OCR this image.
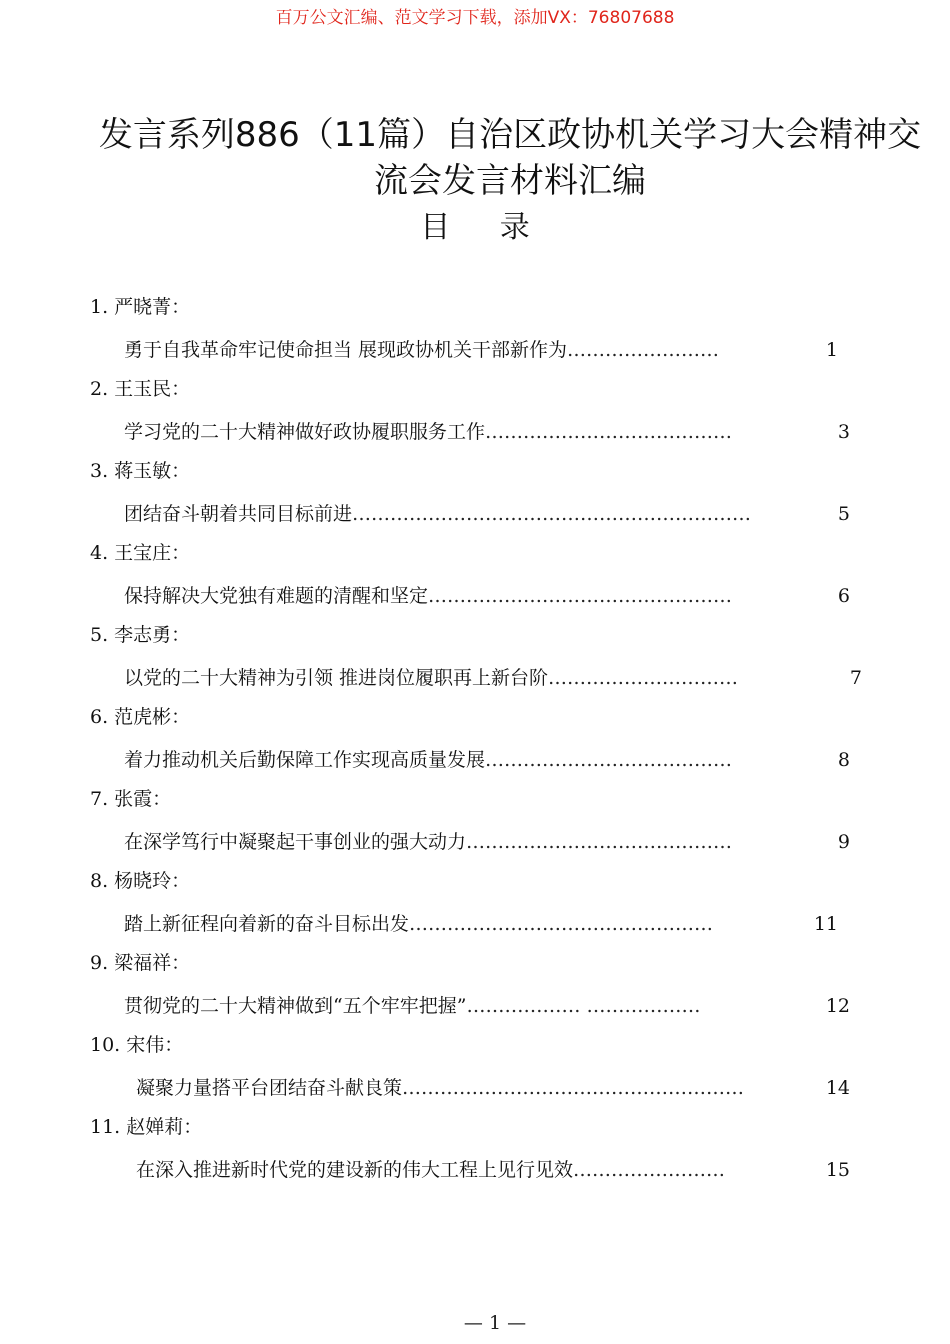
百万公文汇编、范文学习下载，添加VX：76807688
发言系列886（11篇）自治区政协机关学习大会精神交
流会发言材料汇编
目 录
1. 严晓菁：
勇于自我革命牢记使命担当 展现政协机关干部新作为 ……………………	1
2. 王玉民：
学习党的二十大精神做好政协履职服务工作 …………………………………	3
3. 蒋玉敏：
团结奋斗朝着共同目标前进 ………………………………………………………	5
4. 王宝庄：
保持解决大党独有难题的清醒和坚定 …………………………………………	6
5. 李志勇：
以党的二十大精神为引领 推进岗位履职再上新台阶 …………………………	7
6. 范虎彬：
着力推动机关后勤保障工作实现高质量发展 …………………………………	8
7. 张霞：
在深学笃行中凝聚起干事创业的强大动力 ……………………………………	9
8. 杨晓玲：
踏上新征程向着新的奋斗目标出发 …………………………………………	11
9. 梁福祥：
贯彻党的二十大精神做到“五个牢牢把握” ……………… ………………	12
10. 宋伟：
凝聚力量搭平台团结奋斗献良策 ………………………………………………	14
11. 赵婵莉：
在深入推进新时代党的建设新的伟大工程上见行见效 ……………………	15
— 1 —
